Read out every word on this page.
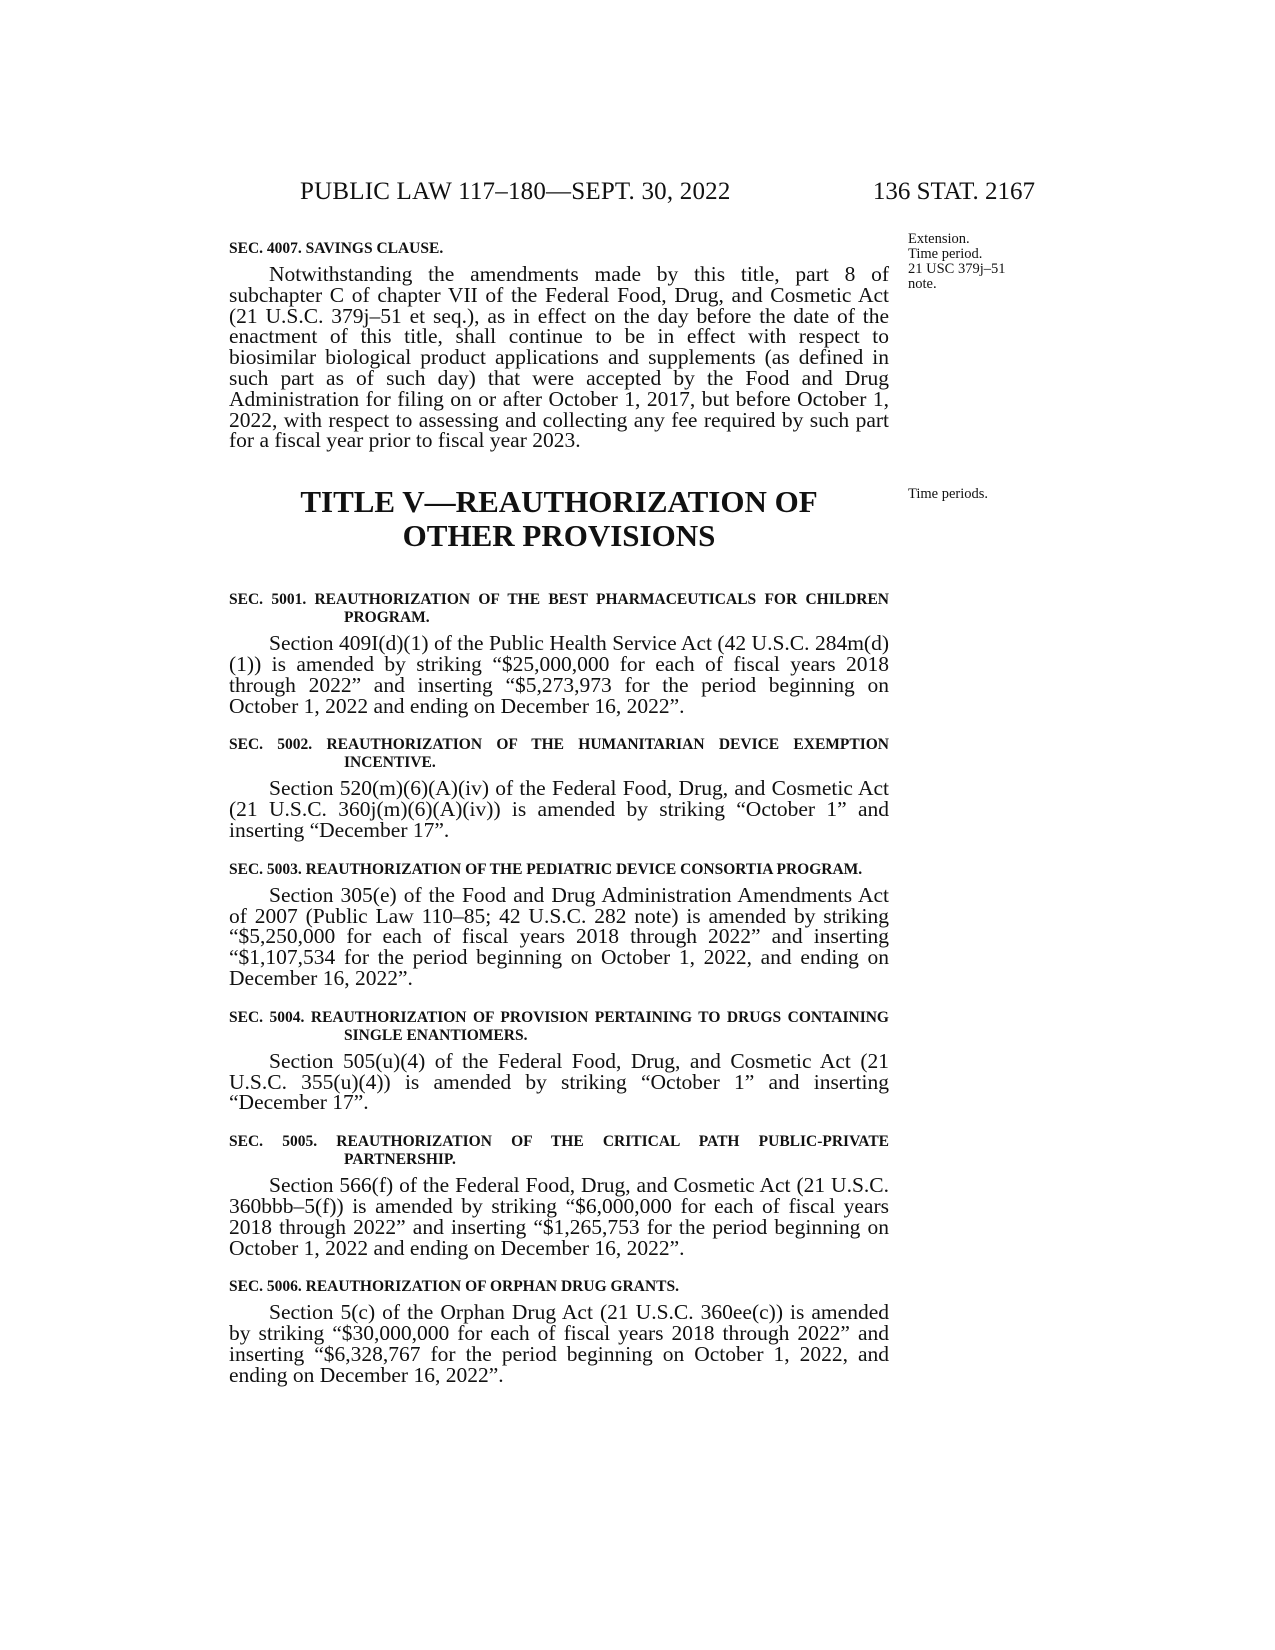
PUBLIC LAW 117–180—SEPT. 30, 2022	136 STAT. 2167
Extension.
Time period.
21 USC 379j–51
note.
Time periods.

SEC. 4007. SAVINGS CLAUSE.

Notwithstanding the amendments made by this title, part 8 of subchapter C of chapter VII of the Federal Food, Drug, and Cosmetic Act (21 U.S.C. 379j–51 et seq.), as in effect on the day before the date of the enactment of this title, shall continue to be in effect with respect to biosimilar biological product applications and supplements (as defined in such part as of such day) that were accepted by the Food and Drug Administration for filing on or after October 1, 2017, but before October 1, 2022, with respect to assessing and collecting any fee required by such part for a fiscal year prior to fiscal year 2023.

TITLE V—REAUTHORIZATION OF
OTHER PROVISIONS

SEC. 5001. REAUTHORIZATION OF THE BEST PHARMACEUTICALS FOR CHILDREN PROGRAM.

Section 409I(d)(1) of the Public Health Service Act (42 U.S.C. 284m(d)(1)) is amended by striking “$25,000,000 for each of fiscal years 2018 through 2022” and inserting “$5,273,973 for the period beginning on October 1, 2022 and ending on December 16, 2022”.

SEC. 5002. REAUTHORIZATION OF THE HUMANITARIAN DEVICE EXEMPTION INCENTIVE.

Section 520(m)(6)(A)(iv) of the Federal Food, Drug, and Cosmetic Act (21 U.S.C. 360j(m)(6)(A)(iv)) is amended by striking “October 1” and inserting “December 17”.

SEC. 5003. REAUTHORIZATION OF THE PEDIATRIC DEVICE CONSORTIA PROGRAM.

Section 305(e) of the Food and Drug Administration Amendments Act of 2007 (Public Law 110–85; 42 U.S.C. 282 note) is amended by striking “$5,250,000 for each of fiscal years 2018 through 2022” and inserting “$1,107,534 for the period beginning on October 1, 2022, and ending on December 16, 2022”.

SEC. 5004. REAUTHORIZATION OF PROVISION PERTAINING TO DRUGS CONTAINING SINGLE ENANTIOMERS.

Section 505(u)(4) of the Federal Food, Drug, and Cosmetic Act (21 U.S.C. 355(u)(4)) is amended by striking “October 1” and inserting “December 17”.

SEC. 5005. REAUTHORIZATION OF THE CRITICAL PATH PUBLIC-PRIVATE PARTNERSHIP.

Section 566(f) of the Federal Food, Drug, and Cosmetic Act (21 U.S.C. 360bbb–5(f)) is amended by striking “$6,000,000 for each of fiscal years 2018 through 2022” and inserting “$1,265,753 for the period beginning on October 1, 2022 and ending on December 16, 2022”.

SEC. 5006. REAUTHORIZATION OF ORPHAN DRUG GRANTS.

Section 5(c) of the Orphan Drug Act (21 U.S.C. 360ee(c)) is amended by striking “$30,000,000 for each of fiscal years 2018 through 2022” and inserting “$6,328,767 for the period beginning on October 1, 2022, and ending on December 16, 2022”.
